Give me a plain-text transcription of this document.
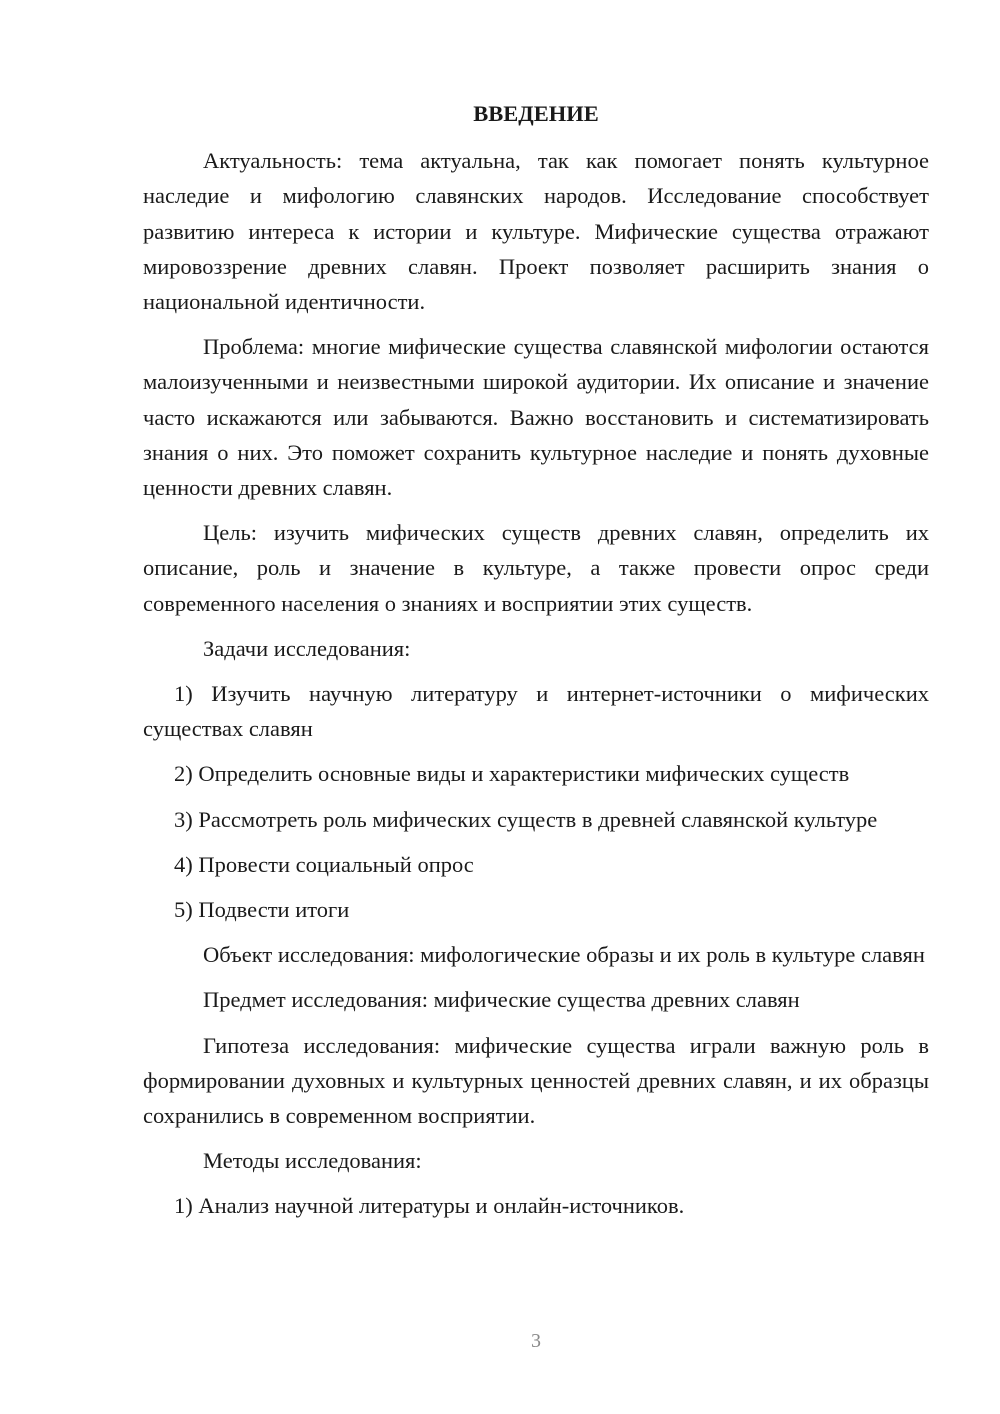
ВВЕДЕНИЕ

Актуальность: тема актуальна, так как помогает понять культурное наследие и мифологию славянских народов. Исследование способствует развитию интереса к истории и культуре. Мифические существа отражают мировоззрение древних славян. Проект позволяет расширить знания о национальной идентичности.

Проблема: многие мифические существа славянской мифологии остаются малоизученными и неизвестными широкой аудитории. Их описание и значение часто искажаются или забываются. Важно восстановить и систематизировать знания о них. Это поможет сохранить культурное наследие и понять духовные ценности древних славян.

Цель: изучить мифических существ древних славян, определить их описание, роль и значение в культуре, а также провести опрос среди современного населения о знаниях и восприятии этих существ.

Задачи исследования:

1) Изучить научную литературу и интернет-источники о мифических существах славян

2) Определить основные виды и характеристики мифических существ

3) Рассмотреть роль мифических существ в древней славянской культуре

4) Провести социальный опрос

5) Подвести итоги

Объект исследования: мифологические образы и их роль в культуре славян

Предмет исследования: мифические существа древних славян

Гипотеза исследования: мифические существа играли важную роль в формировании духовных и культурных ценностей древних славян, и их образцы сохранились в современном восприятии.

Методы исследования:

1) Анализ научной литературы и онлайн-источников.

3
